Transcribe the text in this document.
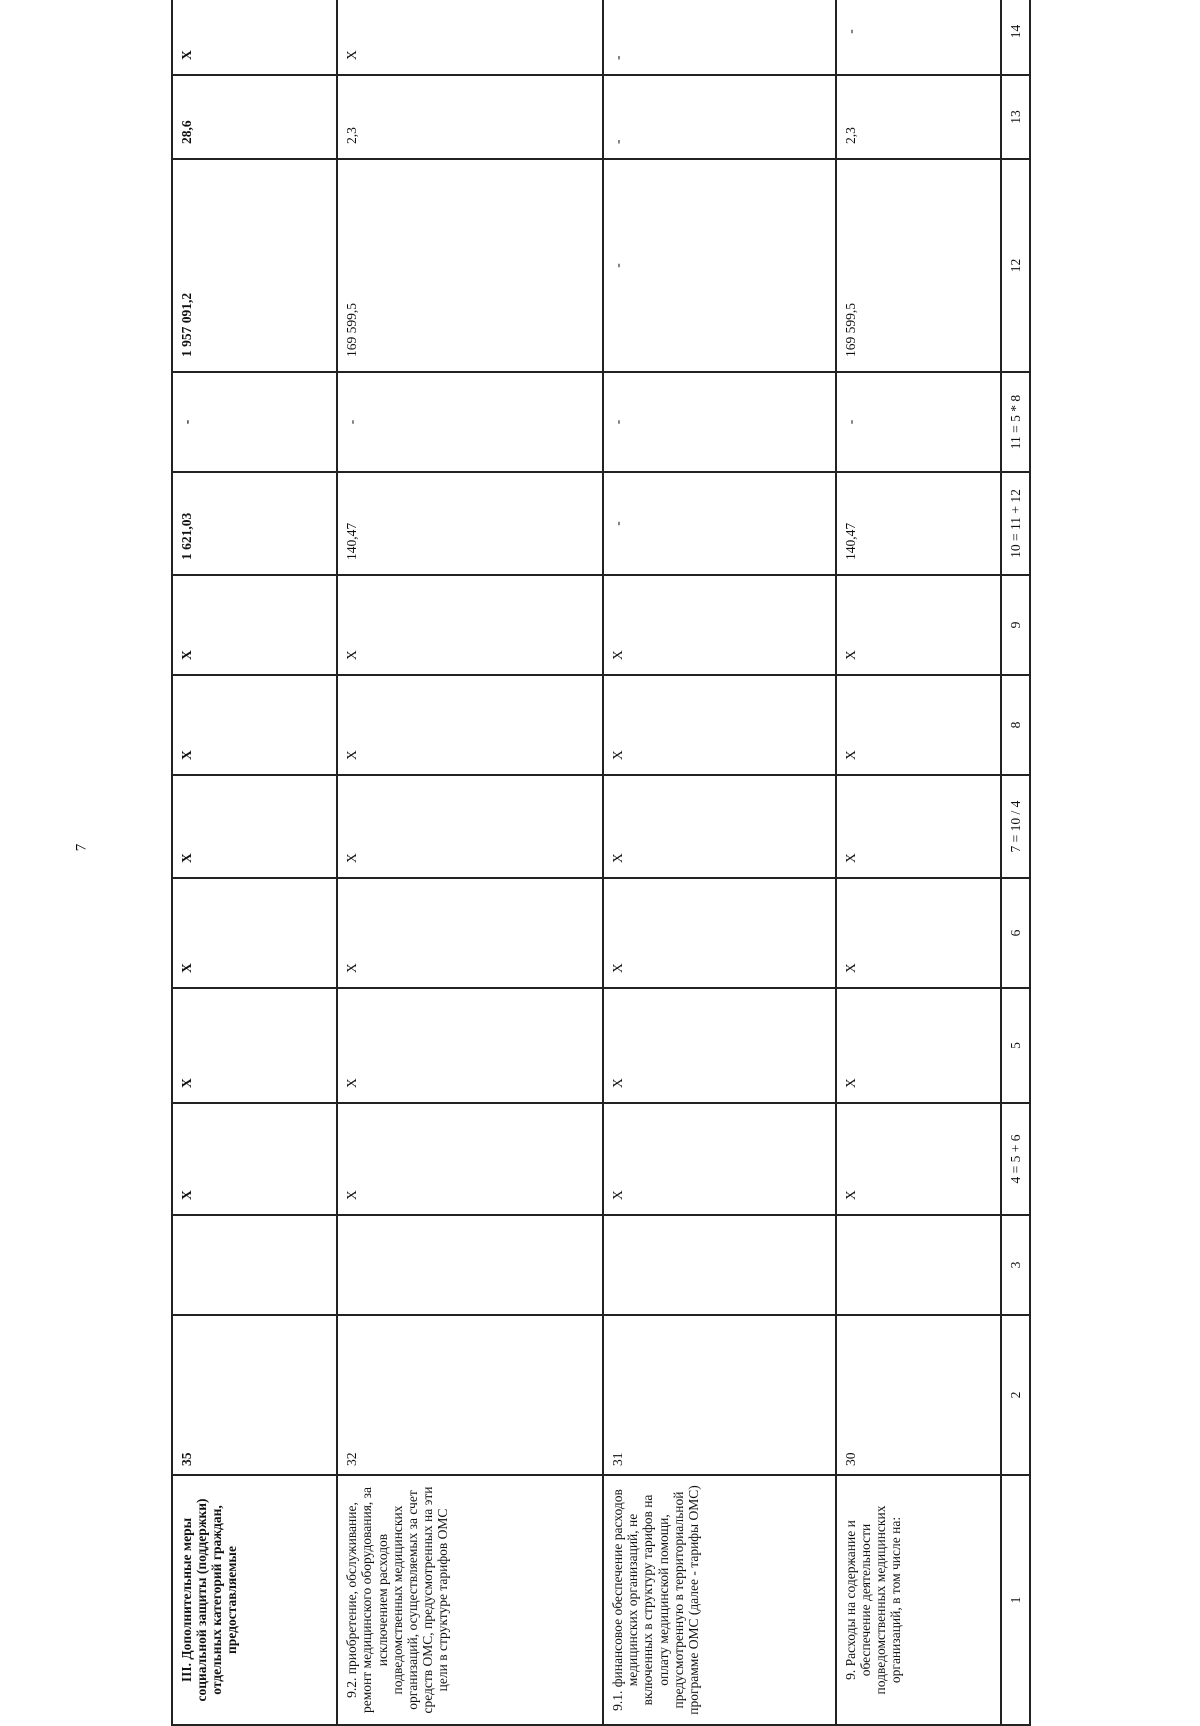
7
III. Дополнительные меры социальной защиты (поддержки) отдельных категорий граждан, предоставляемые	35		X	X	X	X	X	X	1 621,03	-	1 957 091,2	28,6	X	
9.2. приобретение, обслуживание, ремонт медицинского оборудования, за исключением расходов подведомственных медицинских организаций, осуществляемых за счет средств ОМС, предусмотренных на эти цели в структуре тарифов ОМС	32		X	X	X	X	X	X	140,47	-	169 599,5	2,3	X	
9.1. финансовое обеспечение расходов медицинских организаций, не включенных в структуру тарифов на оплату медицинской помощи, предусмотренную в территориальной программе ОМС (далее - тарифы ОМС)	31		X	X	X	X	X	X	-	-	-	-	-	
9. Расходы на содержание и обеспечение деятельности подведомственных медицинских организаций, в том числе на:	30		X	X	X	X	X	X	140,47	-	169 599,5	2,3	-	
1	2	3	4 = 5 + 6	5	6	7 = 10 / 4	8	9	10 = 11 + 12	11 = 5 * 8	12	13	14	
